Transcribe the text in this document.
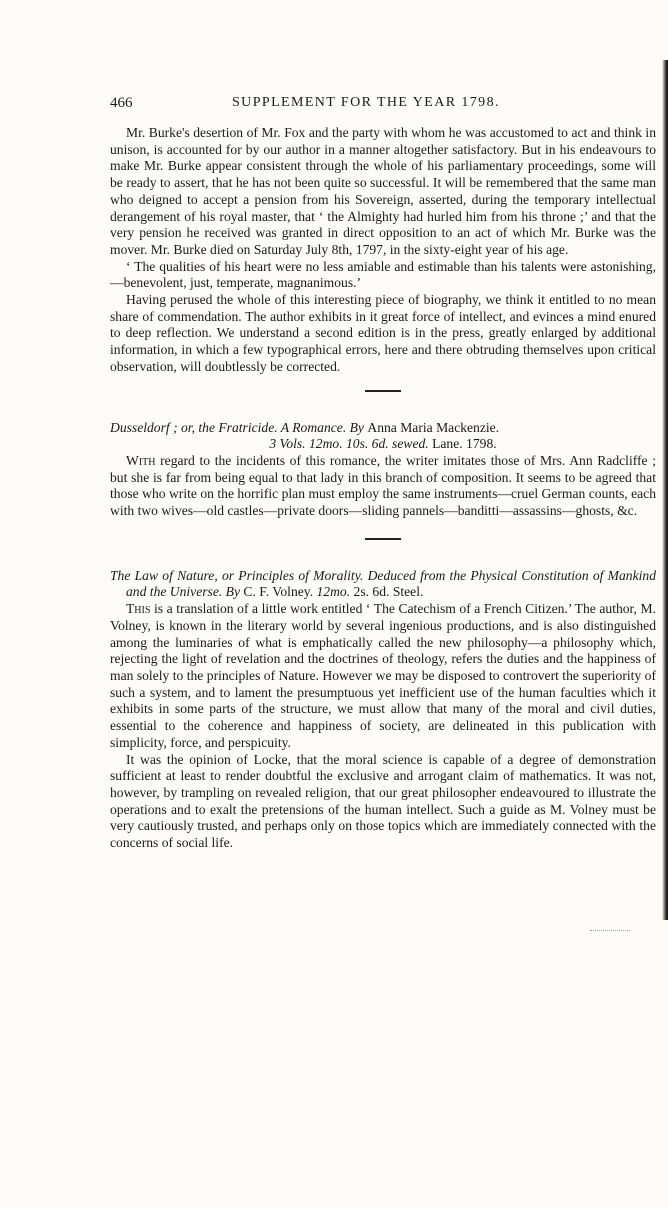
466	SUPPLEMENT FOR THE YEAR 1798.

Mr. Burke's desertion of Mr. Fox and the party with whom he was accustomed to act and think in unison, is accounted for by our author in a manner altogether satisfactory. But in his endeavours to make Mr. Burke appear consistent through the whole of his parliamentary proceedings, some will be ready to assert, that he has not been quite so successful. It will be remembered that the same man who deigned to accept a pension from his Sovereign, asserted, during the temporary intellectual derangement of his royal master, that ‘ the Almighty had hurled him from his throne ;’ and that the very pension he received was granted in direct opposition to an act of which Mr. Burke was the mover. Mr. Burke died on Saturday July 8th, 1797, in the sixty-eight year of his age.

‘ The qualities of his heart were no less amiable and estimable than his talents were astonishing,—benevolent, just, temperate, magnanimous.’

Having perused the whole of this interesting piece of biography, we think it entitled to no mean share of commendation. The author exhibits in it great force of intellect, and evinces a mind enured to deep reflection. We understand a second edition is in the press, greatly enlarged by additional information, in which a few typographical errors, here and there obtruding themselves upon critical observation, will doubtlessly be corrected.

Dusseldorf ; or, the Fratricide. A Romance. By Anna Maria Mackenzie.
3 Vols. 12mo. 10s. 6d. sewed. Lane. 1798.

With regard to the incidents of this romance, the writer imitates those of Mrs. Ann Radcliffe ; but she is far from being equal to that lady in this branch of composition. It seems to be agreed that those who write on the horrific plan must employ the same instruments—cruel German counts, each with two wives—old castles—private doors—sliding pannels—banditti—assassins—ghosts, &c.

The Law of Nature, or Principles of Morality. Deduced from the Physical Constitution of Mankind and the Universe. By C. F. Volney. 12mo. 2s. 6d. Steel.

This is a translation of a little work entitled ‘ The Catechism of a French Citizen.’ The author, M. Volney, is known in the literary world by several ingenious productions, and is also distinguished among the luminaries of what is emphatically called the new philosophy—a philosophy which, rejecting the light of revelation and the doctrines of theology, refers the duties and the happiness of man solely to the principles of Nature. However we may be disposed to controvert the superiority of such a system, and to lament the presumptuous yet inefficient use of the human faculties which it exhibits in some parts of the structure, we must allow that many of the moral and civil duties, essential to the coherence and happiness of society, are delineated in this publication with simplicity, force, and perspicuity.

It was the opinion of Locke, that the moral science is capable of a degree of demonstration sufficient at least to render doubtful the exclusive and arrogant claim of mathematics. It was not, however, by trampling on revealed religion, that our great philosopher endeavoured to illustrate the operations and to exalt the pretensions of the human intellect. Such a guide as M. Volney must be very cautiously trusted, and perhaps only on those topics which are immediately connected with the concerns of social life.
